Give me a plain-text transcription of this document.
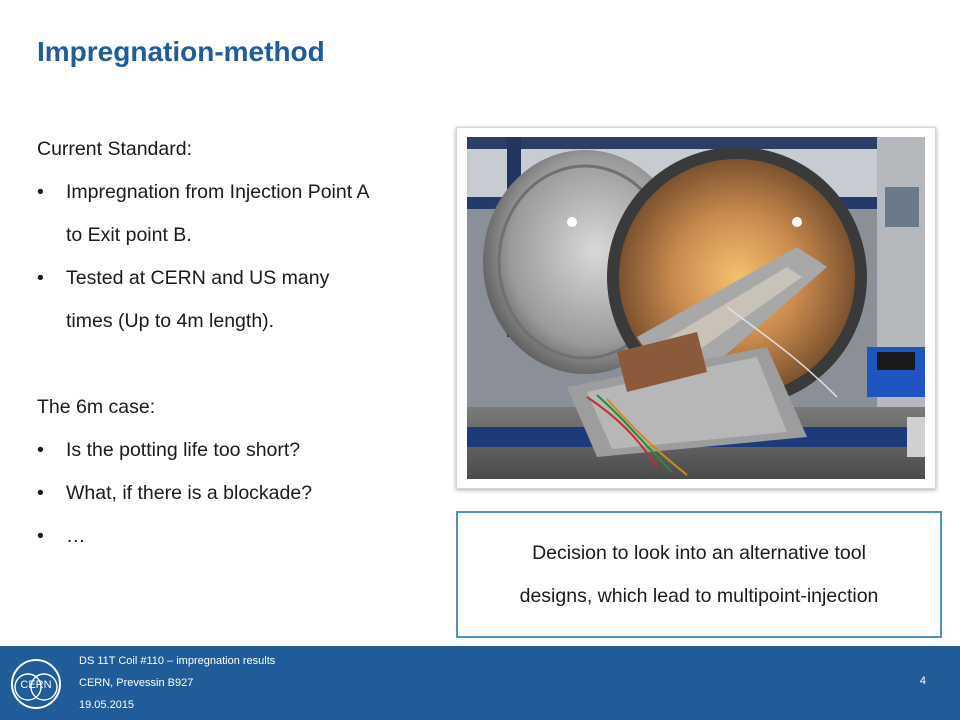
Impregnation-method
Current Standard:
• Impregnation from Injection Point A
to Exit point B.
• Tested at CERN and US many
times (Up to 4m length).
The 6m case:
• Is the potting life too short?
• What, if there is a blockade?
• …
Decision to look into an alternative tool
designs, which lead to multipoint-injection
CERN
DS 11T Coil #110 – impregnation results
CERN, Prevessin B927
19.05.2015
4
